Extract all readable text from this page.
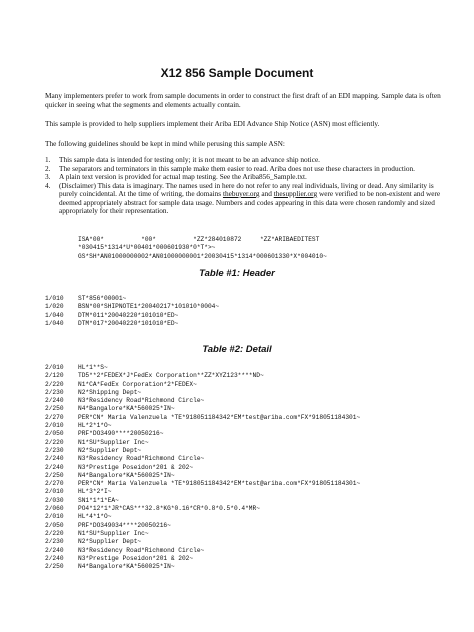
X12 856 Sample Document

Many implementers prefer to work from sample documents in order to construct the first draft of an EDI mapping. Sample data is often quicker in seeing what the segments and elements actually contain.

This sample is provided to help suppliers implement their Ariba EDI Advance Ship Notice (ASN) most efficiently.

The following guidelines should be kept in mind while perusing this sample ASN:

1.	This sample data is intended for testing only; it is not meant to be an advance ship notice.
2.	The separators and terminators in this sample make them easier to read. Ariba does not use these characters in production.
3.	A plain text version is provided for actual map testing. See the Ariba856_Sample.txt.
4.	(Disclaimer) This data is imaginary. The names used in here do not refer to any real individuals, living or dead. Any similarity is purely coincidental. At the time of writing, the domains thebuyer.org and thesupplier.org were verified to be non-existent and were deemed appropriately abstract for sample data usage. Numbers and codes appearing in this data were chosen randomly and sized appropriately for their representation.
ISA*00*          *00*          *ZZ*284010872     *ZZ*ARIBAEDITEST
*030415*1314*U*00401*000601930*0*T*>~
GS*SH*AN01000000002*AN01000000001*20030415*1314*000601330*X*004010~
Table #1: Header
1/010	ST*856*00001~
1/020	BSN*00*SHIPNOTE1*20040217*101010*0004~
1/040	DTM*011*20040220*101010*ED~
1/040	DTM*017*20040220*101010*ED~
Table #2: Detail
2/010	HL*1**S~
2/120	TD5**2*FEDEX*J*FedEx Corporation**ZZ*XYZ123****ND~
2/220	N1*CA*FedEx Corporation*2*FEDEX~
2/230	N2*Shipping Dept~
2/240	N3*Residency Road*Richmond Circle~
2/250	N4*Bangalore*KA*560025*IN~
2/270	PER*CN* Maria Valenzuela *TE*918051184342*EM*test@ariba.com*FX*918051184301~
2/010	HL*2*1*O~
2/050	PRF*DO3490****20050216~
2/220	N1*SU*Supplier Inc~
2/230	N2*Supplier Dept~
2/240	N3*Residency Road*Richmond Circle~
2/240	N3*Prestige Poseidon*201 & 202~
2/250	N4*Bangalore*KA*560025*IN~
2/270	PER*CN* Maria Valenzuela *TE*918051184342*EM*test@ariba.com*FX*918051184301~
2/010	HL*3*2*I~
2/030	SN1*1*1*EA~
2/060	PO4*12*1*JR*CAS***32.8*KG*0.16*CR*0.8*0.5*0.4*MR~
2/010	HL*4*1*O~
2/050	PRF*DO349034****20050216~
2/220	N1*SU*Supplier Inc~
2/230	N2*Supplier Dept~
2/240	N3*Residency Road*Richmond Circle~
2/240	N3*Prestige Poseidon*201 & 202~
2/250	N4*Bangalore*KA*560025*IN~
